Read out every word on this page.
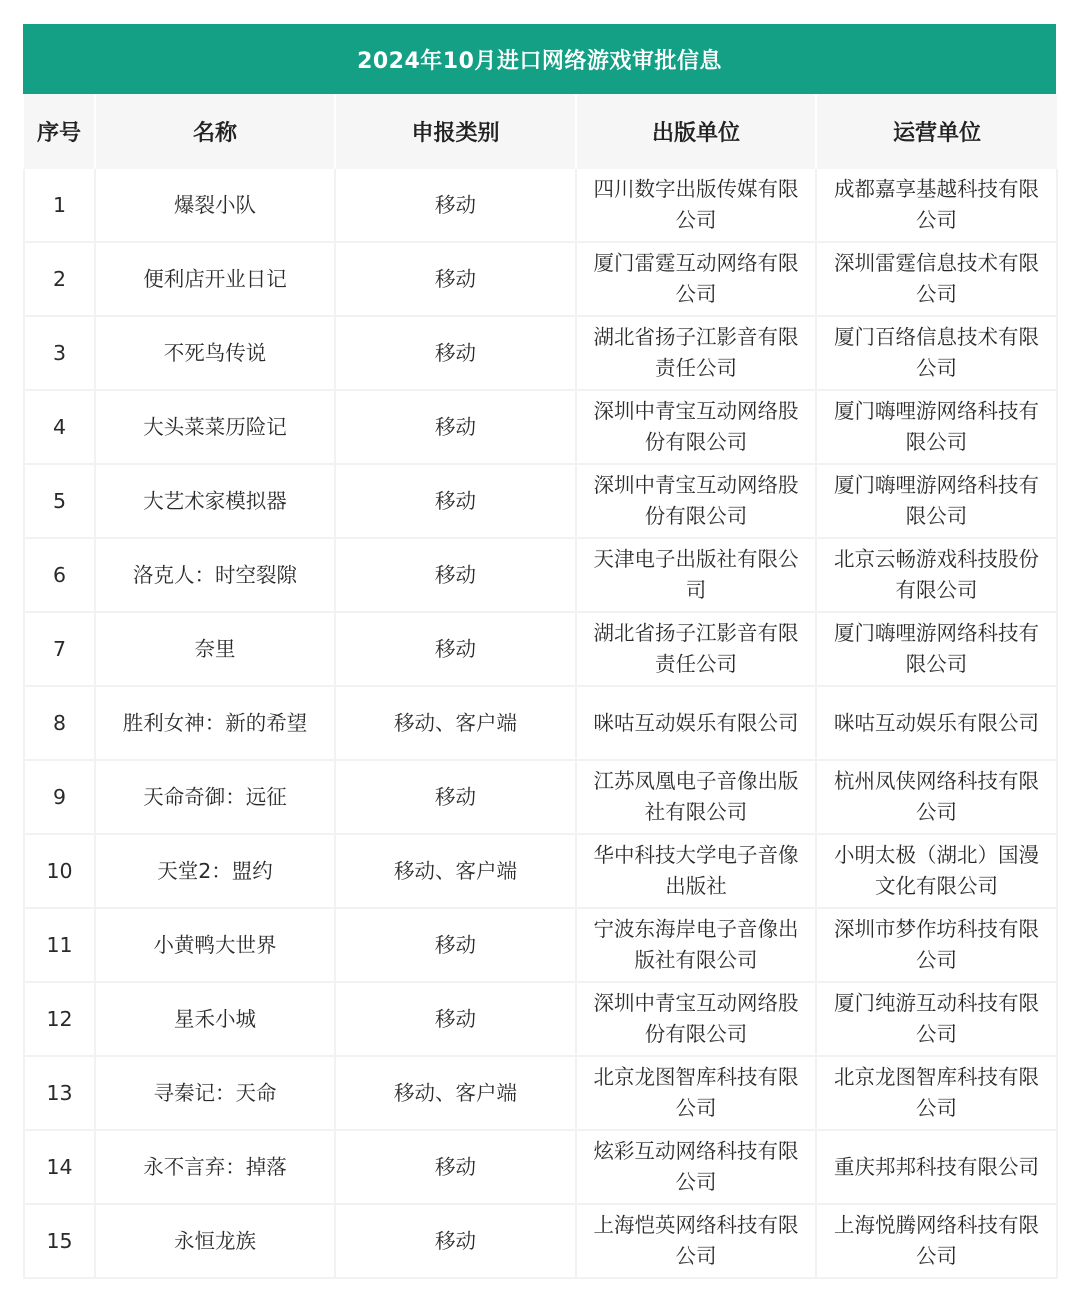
2024年10月进口网络游戏审批信息
序号	名称	申报类别	出版单位	运营单位
1	爆裂小队	移动	四川数字出版传媒有限公司	成都嘉享基越科技有限公司
2	便利店开业日记	移动	厦门雷霆互动网络有限公司	深圳雷霆信息技术有限公司
3	不死鸟传说	移动	湖北省扬子江影音有限责任公司	厦门百络信息技术有限公司
4	大头菜菜历险记	移动	深圳中青宝互动网络股份有限公司	厦门嗨哩游网络科技有限公司
5	大艺术家模拟器	移动	深圳中青宝互动网络股份有限公司	厦门嗨哩游网络科技有限公司
6	洛克人：时空裂隙	移动	天津电子出版社有限公司	北京云畅游戏科技股份有限公司
7	奈里	移动	湖北省扬子江影音有限责任公司	厦门嗨哩游网络科技有限公司
8	胜利女神：新的希望	移动、客户端	咪咕互动娱乐有限公司	咪咕互动娱乐有限公司
9	天命奇御：远征	移动	江苏凤凰电子音像出版社有限公司	杭州凤侠网络科技有限公司
10	天堂2：盟约	移动、客户端	华中科技大学电子音像出版社	小明太极（湖北）国漫文化有限公司
11	小黄鸭大世界	移动	宁波东海岸电子音像出版社有限公司	深圳市梦作坊科技有限公司
12	星禾小城	移动	深圳中青宝互动网络股份有限公司	厦门纯游互动科技有限公司
13	寻秦记：天命	移动、客户端	北京龙图智库科技有限公司	北京龙图智库科技有限公司
14	永不言弃：掉落	移动	炫彩互动网络科技有限公司	重庆邦邦科技有限公司
15	永恒龙族	移动	上海恺英网络科技有限公司	上海悦腾网络科技有限公司
